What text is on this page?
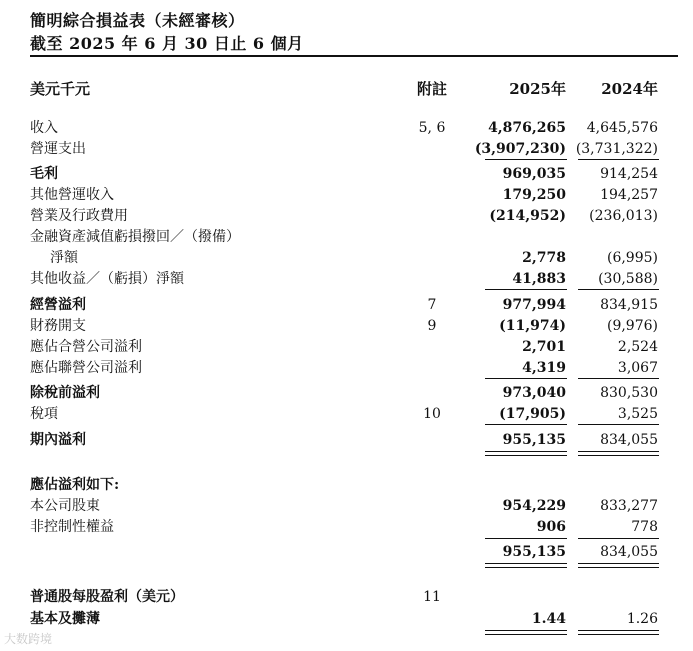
簡明綜合損益表（未經審核）
截至 2025 年 6 月 30 日止 6 個月
美元千元	附註	2025年 2024年
收入	5, 6	4,876,265 4,645,576
營運支出	(3,907,230) (3,731,322)
毛利	969,035 914,254
其他營運收入	179,250 194,257
營業及行政費用	(214,952) (236,013)
金融資產減值虧損撥回／（撥備）
淨額	2,778	(6,995)
其他收益／（虧損）淨額	41,883 (30,588)
經營溢利	7	977,994 834,915
財務開支	9	(11,974)	(9,976)
應佔合營公司溢利	2,701	2,524
應佔聯營公司溢利	4,319	3,067
除稅前溢利	973,040 830,530
稅項	10	(17,905)	3,525
期內溢利	955,135 834,055
應佔溢利如下:
本公司股東	954,229 833,277
非控制性權益	906	778
955,135 834,055
普通股每股盈利（美元）	11
基本及攤薄	1.44	1.26
大数跨境
